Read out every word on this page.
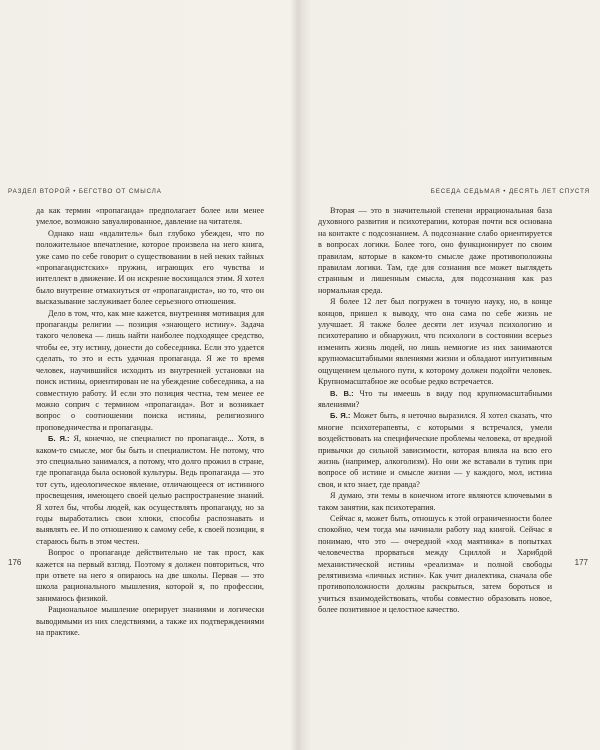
РАЗДЕЛ ВТОРОЙ • БЕГСТВО ОТ СМЫСЛА

да как термин «пропаганда» предполагает более или менее умелое, возможно завуалированное, давление на читателя.

Однако наш «вдалитель» был глубоко убежден, что по положительное впечатление, которое произвела на него книга, уже само по себе говорит о существовании в ней неких тайных «пропагандистских» пружин, играющих его чувства и интеллект в движение. И он искренне восхищался этим. Я хотел было внутренне отмахнуться от «пропагандиста», но то, что он высказывание заслуживает более серьезного отношения.

Дело в том, что, как мне кажется, внутренняя мотивация для пропаганды религии — позиция «знающего истину». Задача такого человека — лишь найти наиболее подходящее средство, чтобы ее, эту истину, донести до собеседника. Если это удается сделать, то это и есть удачная пропаганда. Я же то время человек, научившийся исходить из внутренней установки на поиск истины, ориентирован не на убеждение собеседника, а на совместную работу. И если это позиция честна, тем менее ее можно соприч с термином «пропаганда». Вот и возникает вопрос о соотношении поиска истины, религиозного проповедничества и пропаганды.

Б. Я.: Я, конечно, не специалист по пропаганде... Хотя, в каком-то смысле, мог бы быть и специалистом. Не потому, что это специально занимался, а потому, что долго прожил в стране, где пропаганда была основой культуры. Ведь пропаганда — это тот суть, идеологическое явление, отличающееся от истинного просвещения, имеющего своей целью распространение знаний. Я хотел бы, чтобы людей, как осуществлять пропаганду, но за годы выработались свои хлюки, способы распознавать и выявлять ее. И по отношению к самому себе, к своей позиции, я стараюсь быть в этом честен.

Вопрос о пропаганде действительно не так прост, как кажется на первый взгляд. Поэтому я должен повториться, что при ответе на него я опираюсь на две школы. Первая — это школа рационального мышления, которой я, по профессии, занимаюсь физикой.

Рациональное мышление оперирует знаниями и логически выводимыми из них следствиями, а также их подтверждениями на практике.

176
БЕСЕДА СЕДЬМАЯ • ДЕСЯТЬ ЛЕТ СПУСТЯ

Вторая — это в значительной степени иррациональная база духовного развития и психотерапии, которая почти вся основана на контакте с подсознанием. А подсознание слабо ориентируется в вопросах логики. Более того, оно функционирует по своим правилам, которые в каком-то смысле даже противоположны правилам логики. Там, где для сознания все может выглядеть странным и лишенным смысла, для подсознания как раз нормальная среда.

Я более 12 лет был погружен в точную науку, но, в конце концов, пришел к выводу, что она сама по себе жизнь не улучшает. Я также более десяти лет изучал психологию и психотерапию и обнаружил, что психологи в состоянии всерьез изменить жизнь людей, но лишь немногие из них занимаются крупномасштабными явлениями жизни и обладают интуитивным ощущением цельного пути, к которому должен подойти человек. Крупномасштабное же особые редко встречается.

В. В.: Что ты имеешь в виду под крупномасштабными явлениями?

Б. Я.: Может быть, я неточно выразился. Я хотел сказать, что многие психотерапевты, с которыми я встречался, умели воздействовать на специфические проблемы человека, от вредной привычки до сильной зависимости, которая влияла на всю его жизнь (например, алкоголизм). Но они же вставали в тупик при вопросе об истине и смысле жизни — у каждого, мол, истина своя, и кто знает, где правда?

Я думаю, эти темы в конечном итоге являются ключевыми в таком занятии, как психотерапия.

Сейчас я, может быть, отношусь к этой ограниченности более спокойно, чем тогда мы начинали работу над книгой. Сейчас я понимаю, что это — очередной «ход маятника» в попытках человечества прорваться между Сциллой и Харибдой механистической истины «реализма» и полной свободы релятивизма «личных истин». Как учит диалектика, сначала обе противоположности должны раскрыться, затем бороться и учиться взаимодействовать, чтобы совместно образовать новое, более позитивное и целостное качество.

177
